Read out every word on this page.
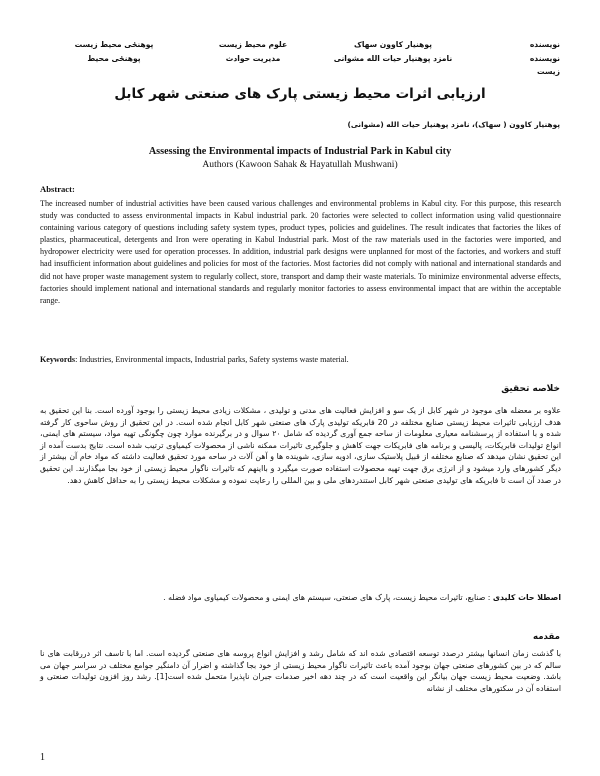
نویسنده
پوهنیار کاوون سهاک
علوم محیط زیست
پوهنځی محیط زیست
نویسنده
نامزد پوهنیار حیات الله مشوانی
مدیریت حوادث
پوهنځی محیط
زیست
ارزیابی اثرات محیط زیستی پارک های صنعتی شهر کابل
پوهنیار کاوون ( سهاک)، نامزد پوهنیار حیات الله (مشوانی)
Assessing the Environmental impacts of Industrial Park in Kabul city
Authors (Kawoon Sahak & Hayatullah Mushwani)
Abstract:
The increased number of industrial activities have been caused various challenges and environmental problems in Kabul city. For this purpose, this research study was conducted to assess environmental impacts in Kabul industrial park. 20 factories were selected to collect information using valid questionnaire containing various category of questions including safety system types, product types, policies and guidelines. The result indicates that factories the likes of plastics, pharmaceutical, detergents and Iron were operating in Kabul Industrial park. Most of the raw materials used in the factories were imported, and hydropower electricity were used for operation processes. In addition, industrial park designs were unplanned for most of the factories, and workers and stuff had insufficient information about guidelines and policies for most of the factories. Most factories did not comply with national and international standards and did not have proper waste management system to regularly collect, store, transport and damp their waste materials. To minimize environmental adverse effects, factories should implement national and international standards and regularly monitor factories to assess environmental impact that are within the acceptable range.
Keywords: Industries, Environmental impacts, Industrial parks, Safety systems waste material.
خلاصه تحقیق
علاوه بر معضله های موجود در شهر کابل از یک سو و افزایش فعالیت های مدنی و تولیدی ، مشکلات زیادی محیط زیستی را بوجود آورده است. بنا این تحقیق به هدف ارزیابی تاثیرات محیط زیستی صنایع مختلفه در 20 فابریکه تولیدی پارک های صنعتی شهر کابل انجام شده است. در این تحقیق از روش ساحوی کار گرفته شده و با استفاده از پرسشنامه معیاری معلومات از ساحه جمع آوری گردیده که شامل ۲۰ سوال و در برگیرنده موارد چون چگونگی تهیه مواد، سیستم های ایمنی، انواع تولیدات فابریکات، پالیسی و برنامه های فابریکات جهت کاهش و جلوگیری تاثیرات ممکنه ناشی از محصولات کیمیاوی ترتیب شده است. نتایج بدست آمده از این تحقیق نشان میدهد که صنایع مختلفه از قبیل پلاستیک سازی، ادویه سازی، شوینده ها و آهن آلات در ساحه مورد تحقیق فعالیت داشته که مواد خام آن بیشتر از دیگر کشورهای وارد میشود و از انرژی برق جهت تهیه محصولات استفاده صورت میگیرد و بااینهم که تاثیرات ناگوار محیط زیستی از خود بجا میگذارند. این تحقیق در صدد آن است تا فابریکه های تولیدی صنعتی شهر کابل استندردهای ملی و بین المللی را رعایت نموده و مشکلات محیط زیستی را به حداقل کاهش دهد.
اصطلا حات کلیدی : صنایع، تاثیرات محیط زیست، پارک های صنعتی، سیستم های ایمنی و محصولات کیمیاوی مواد فضله .
مقدمه
با گذشت زمان انسانها بیشتر درصدد توسعه اقتصادی شده اند که شامل رشد و افزایش انواع پروسه های صنعتی گردیده است. اما با تاسف اثر دررقابت های نا سالم که در بین کشورهای صنعتی جهان بوجود آمده باعث تاثیرات ناگوار محیط زیستی از خود بجا گذاشته و اضرار آن دامنگیر جوامع مختلف در سراسر جهان می باشد. وضعیت محیط زیست جهان بیانگر این واقعیت است که در چند دهه اخیر صدمات جبران ناپذیرا متحمل شده است[1]. رشد روز افزون تولیدات صنعتی و استفاده آن در سکتورهای مختلف از نشانه
1
